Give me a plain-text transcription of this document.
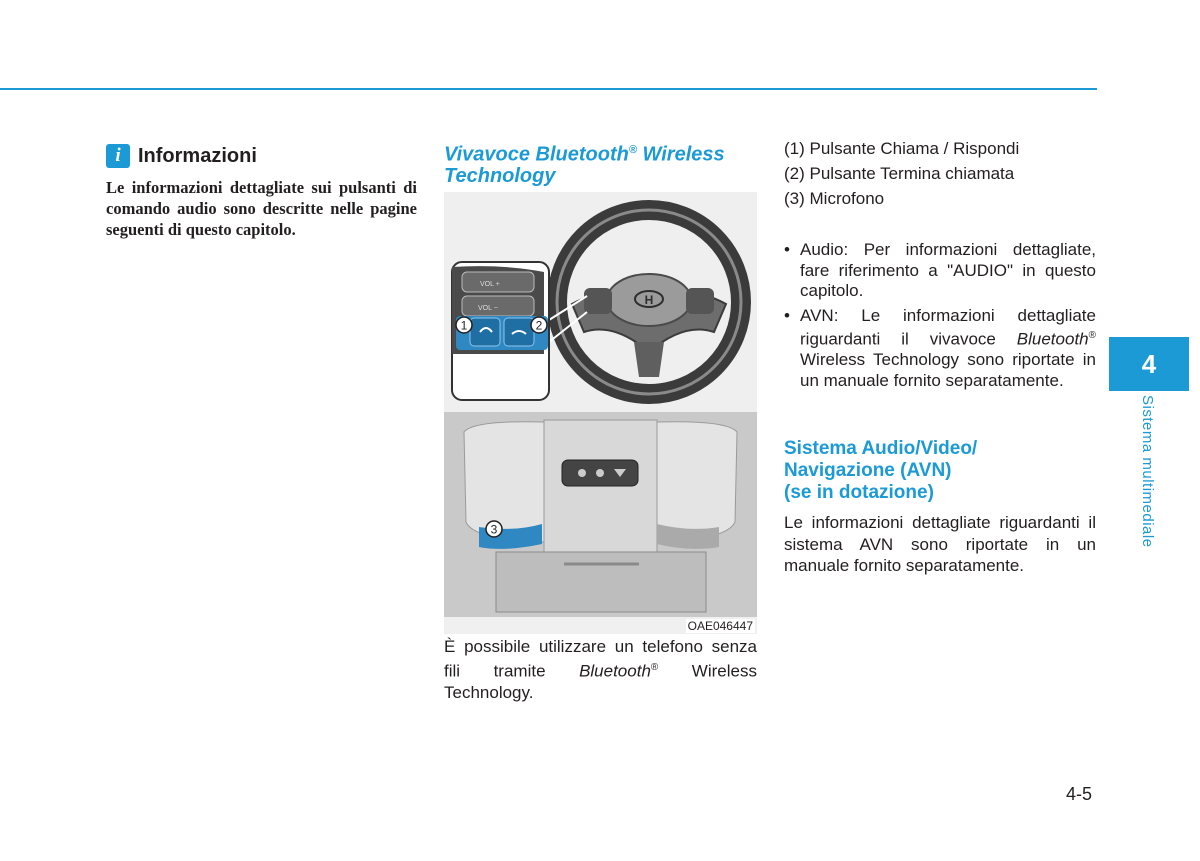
i Informazioni

Le informazioni dettagliate sui pulsanti di comando audio sono descritte nelle pagine seguenti di questo capitolo.

Vivavoce Bluetooth® Wireless Technology
H
VOL +
VOL −
1	2
3
OAE046447

È possibile utilizzare un telefono senza fili tramite Bluetooth® Wireless Technology.

(1) Pulsante Chiama / Rispondi
(2) Pulsante Termina chiamata
(3) Microfono
• Audio: Per informazioni dettagliate, fare riferimento a "AUDIO" in questo capitolo.
• AVN: Le informazioni dettagliate riguardanti il vivavoce Bluetooth® Wireless Technology sono riportate in un manuale fornito separatamente.
Sistema Audio/Video/
Navigazione (AVN)
(se in dotazione)

Le informazioni dettagliate riguardanti il sistema AVN sono riportate in un manuale fornito separatamente.

4
Sistema multimediale
4-5
